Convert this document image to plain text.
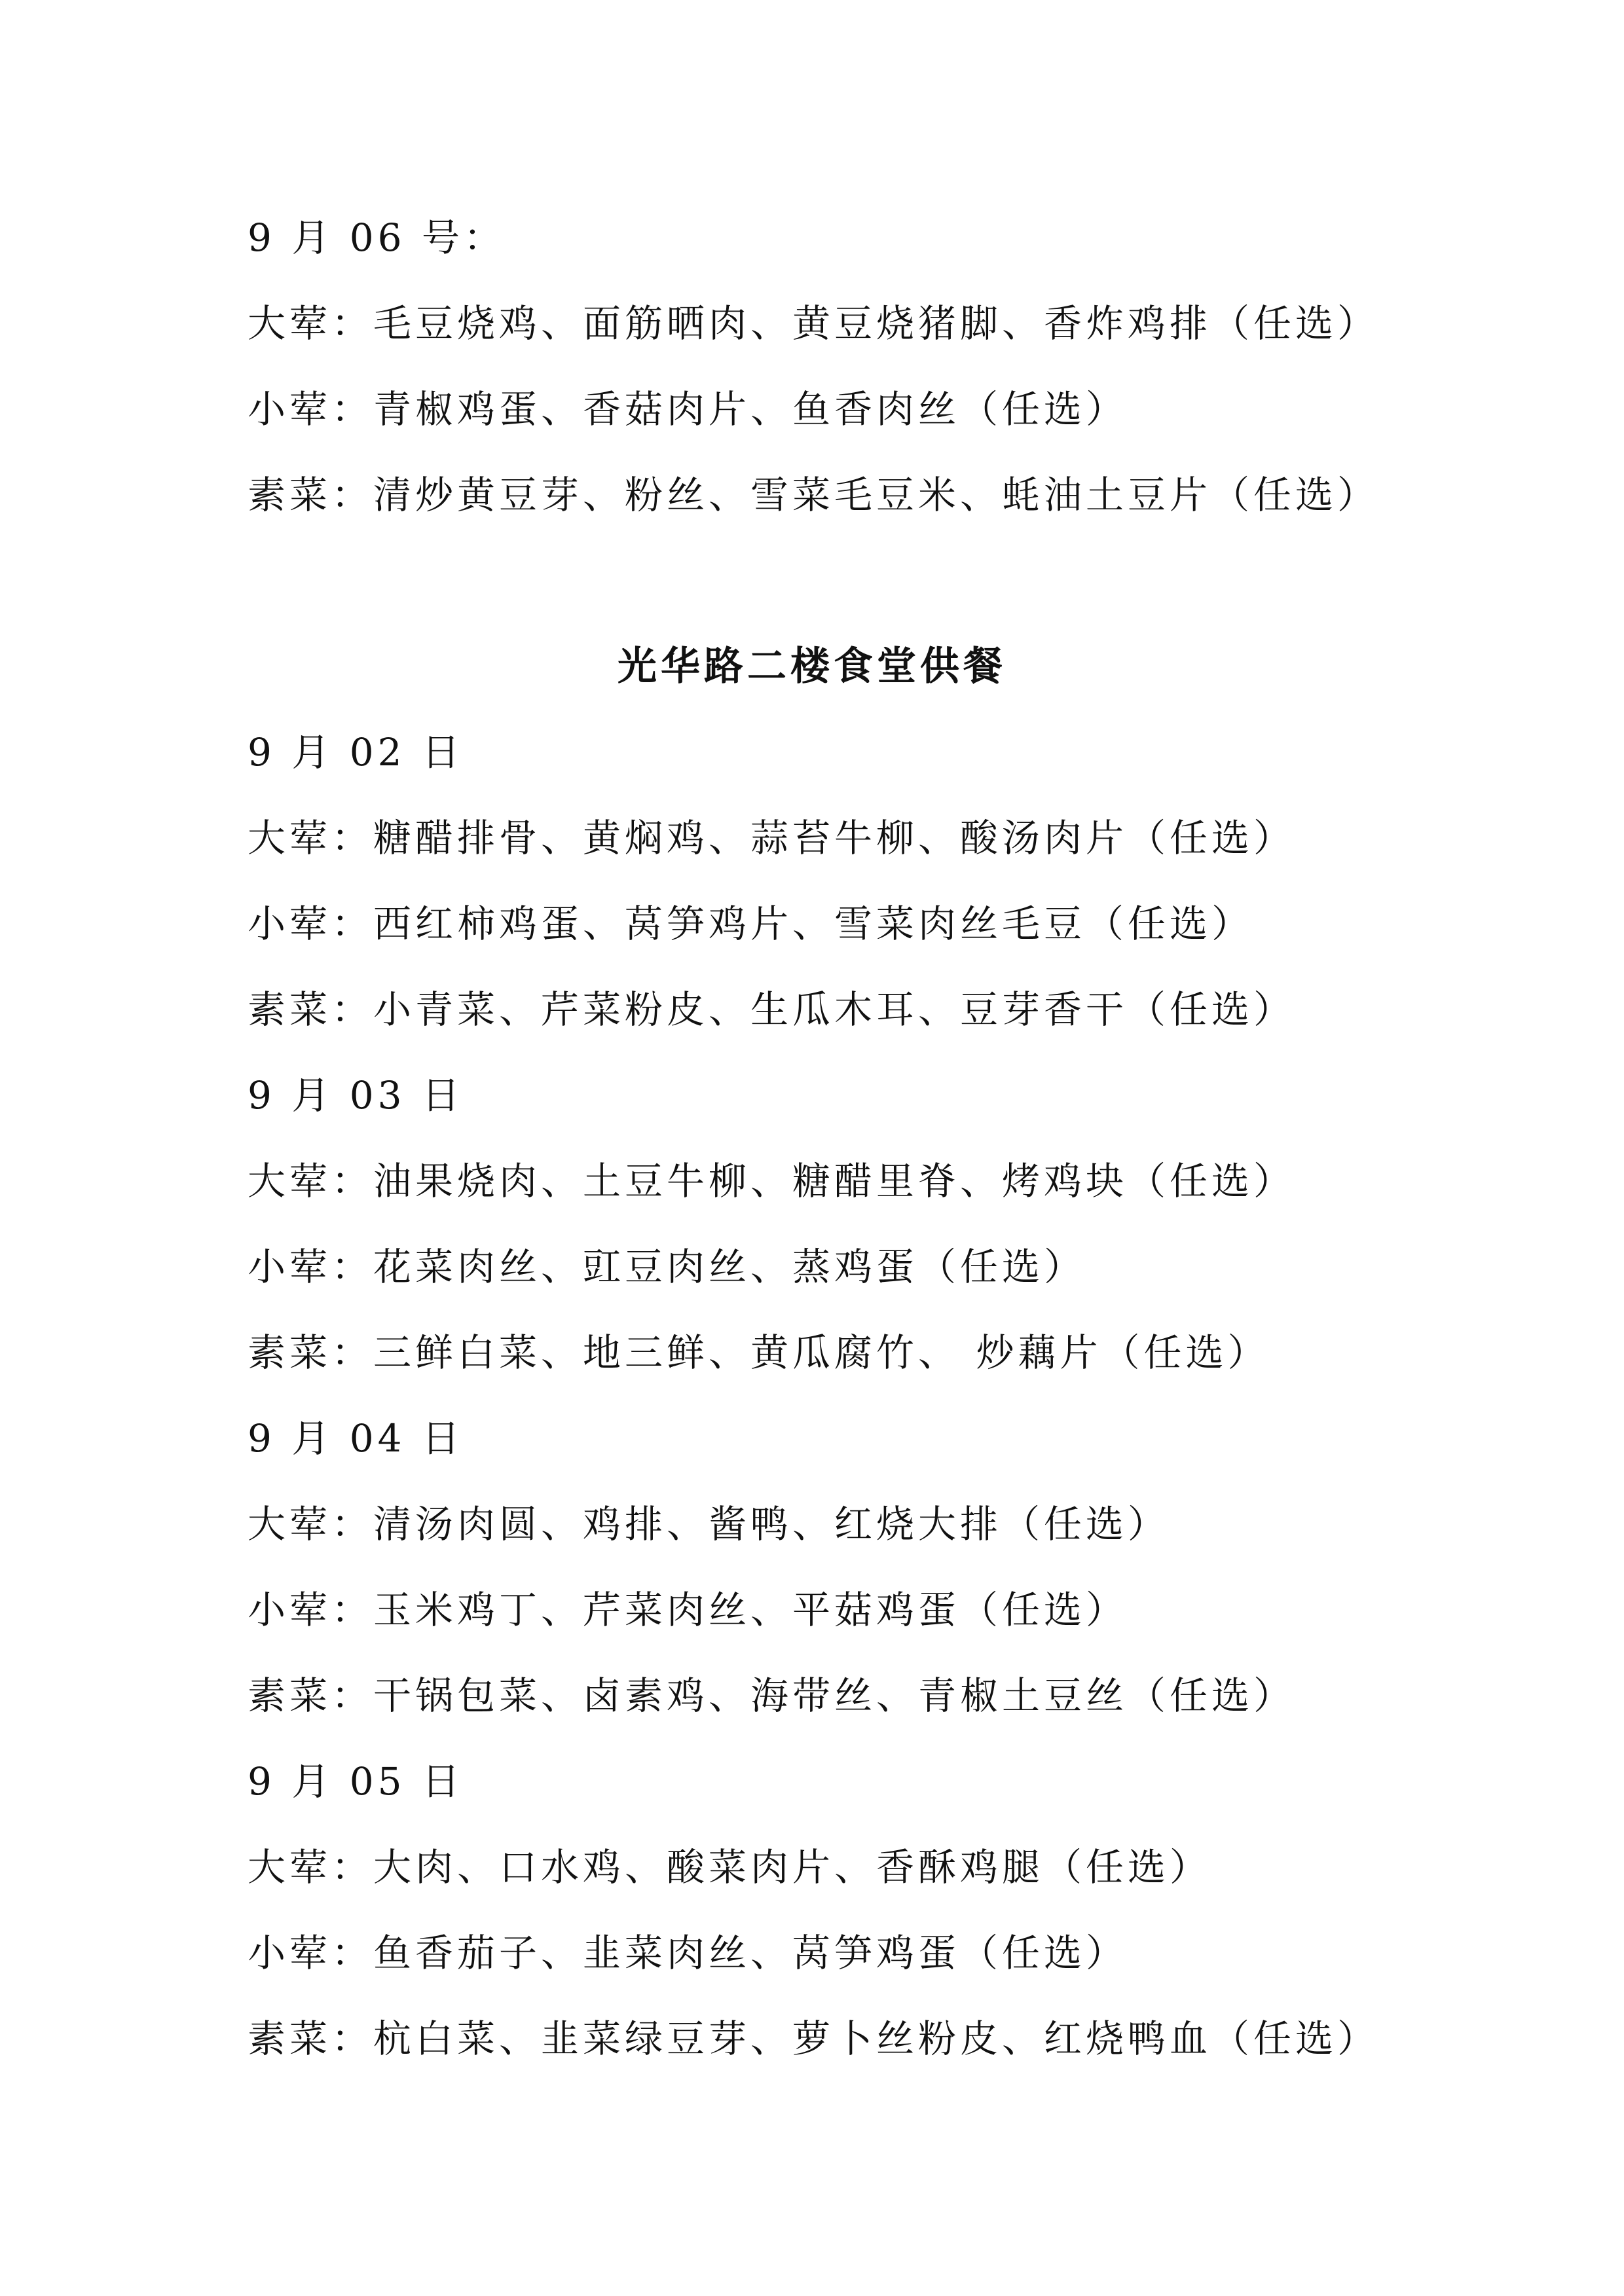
9 月 06 号：
大荤：毛豆烧鸡、面筋晒肉、黄豆烧猪脚、香炸鸡排（任选）
小荤：青椒鸡蛋、香菇肉片、鱼香肉丝（任选）
素菜：清炒黄豆芽、粉丝、雪菜毛豆米、蚝油土豆片（任选）
光华路二楼食堂供餐
9 月 02 日
大荤：糖醋排骨、黄焖鸡、蒜苔牛柳、酸汤肉片（任选）
小荤：西红柿鸡蛋、莴笋鸡片、雪菜肉丝毛豆（任选）
素菜：小青菜、芹菜粉皮、生瓜木耳、豆芽香干（任选）
9 月 03 日
大荤：油果烧肉、土豆牛柳、糖醋里脊、烤鸡块（任选）
小荤：花菜肉丝、豇豆肉丝、蒸鸡蛋（任选）
素菜：三鲜白菜、地三鲜、黄瓜腐竹、 炒藕片（任选）
9 月 04 日
大荤：清汤肉圆、鸡排、酱鸭、红烧大排（任选）
小荤：玉米鸡丁、芹菜肉丝、平菇鸡蛋（任选）
素菜：干锅包菜、卤素鸡、海带丝、青椒土豆丝（任选）
9 月 05 日
大荤：大肉、口水鸡、酸菜肉片、香酥鸡腿（任选）
小荤：鱼香茄子、韭菜肉丝、莴笋鸡蛋（任选）
素菜：杭白菜、韭菜绿豆芽、萝卜丝粉皮、红烧鸭血（任选）
